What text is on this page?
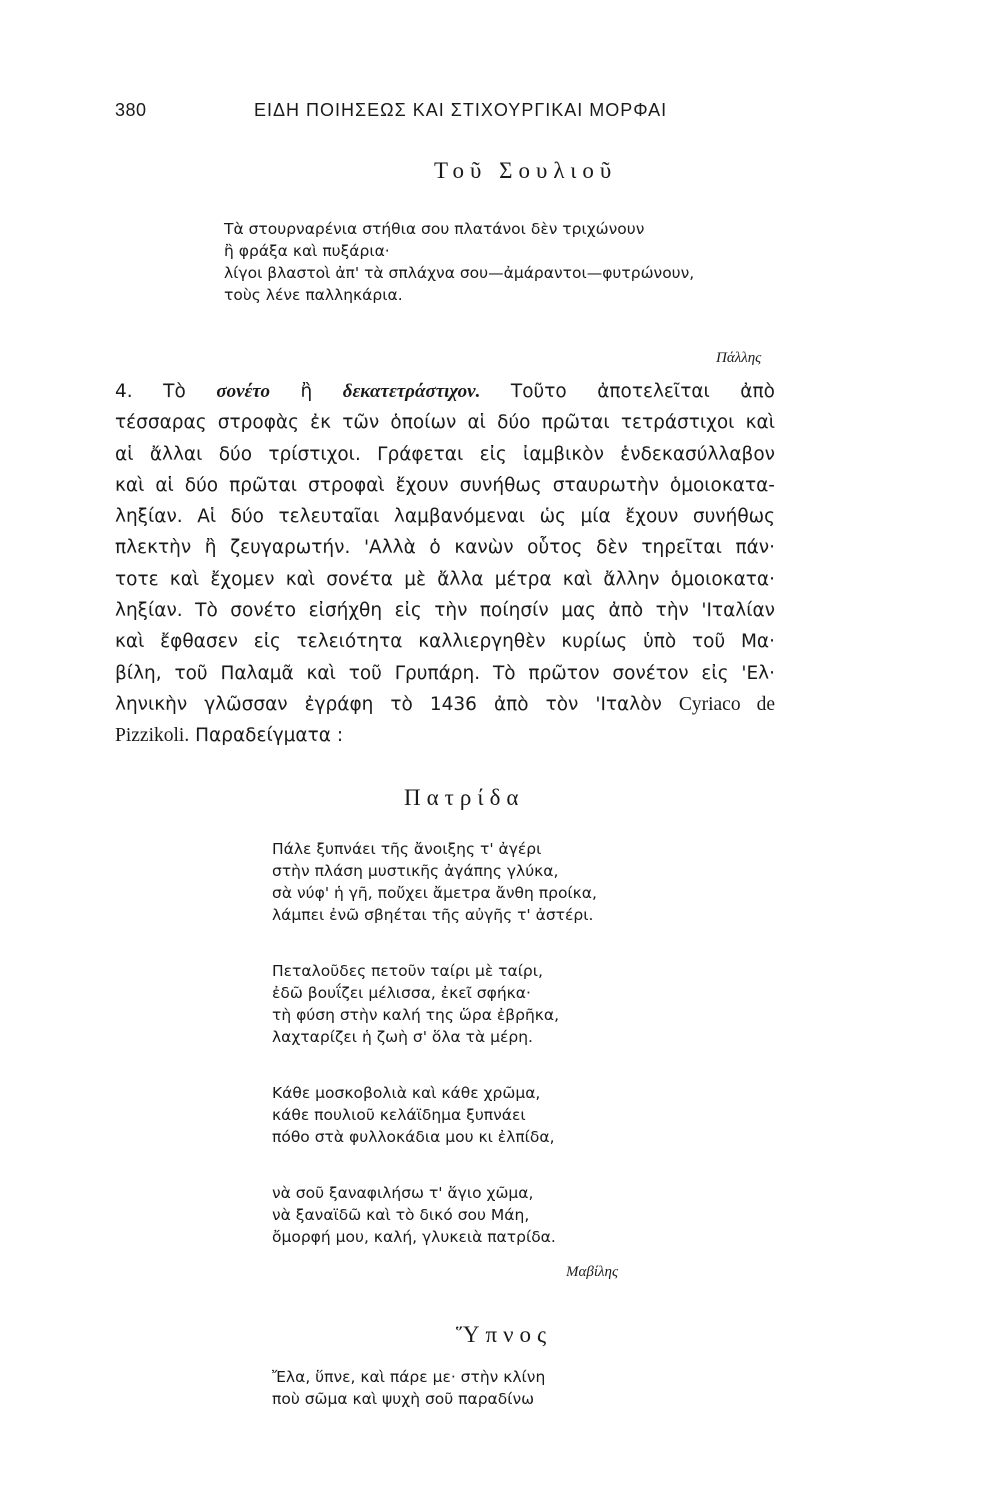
380	ΕΙΔΗ ΠΟΙΗΣΕΩΣ ΚΑΙ ΣΤΙΧΟΥΡΓΙΚΑΙ ΜΟΡΦΑΙ
Τοῦ Σουλιοῦ
Τὰ στουρναρένια στήθια σου πλατάνοι δὲν τριχώνουν
ἢ φράξα καὶ πυξάρια·
λίγοι βλαστοὶ ἀπ' τὰ σπλάχνα σου—ἀμάραντοι—φυτρώνουν,
τοὺς λένε παλληκάρια.
Πάλλης
4. Τὸ σονέτο ἢ δεκατετράστιχον. Τοῦτο ἀποτελεῖται ἀπὸ
τέσσαρας στροφὰς ἐκ τῶν ὁποίων αἱ δύο πρῶται τετράστιχοι καὶ
αἱ ἄλλαι δύο τρίστιχοι. Γράφεται εἰς ἰαμβικὸν ἑνδεκασύλλαβον
καὶ αἱ δύο πρῶται στροφαὶ ἔχουν συνήθως σταυρωτὴν ὁμοιοκατα-
ληξίαν. Αἱ δύο τελευταῖαι λαμβανόμεναι ὡς μία ἔχουν συνήθως
πλεκτὴν ἢ ζευγαρωτήν. 'Αλλὰ ὁ κανὼν οὗτος δὲν τηρεῖται πάν·
τοτε καὶ ἔχομεν καὶ σονέτα μὲ ἄλλα μέτρα καὶ ἄλλην ὁμοιοκατα·
ληξίαν. Τὸ σονέτο εἰσήχθη εἰς τὴν ποίησίν μας ἀπὸ τὴν 'Ιταλίαν
καὶ ἔφθασεν εἰς τελειότητα καλλιεργηθὲν κυρίως ὑπὸ τοῦ Μα·
βίλη, τοῦ Παλαμᾶ καὶ τοῦ Γρυπάρη. Τὸ πρῶτον σονέτον εἰς 'Ελ·
ληνικὴν γλῶσσαν ἐγράφη τὸ 1436 ἀπὸ τὸν 'Ιταλὸν Cyriaco de
Pizzikoli. Παραδείγματα :
Πατρίδα
Πάλε ξυπνάει τῆς ἄνοιξης τ' ἀγέρι
στὴν πλάση μυστικῆς ἀγάπης γλύκα,
σὰ νύφ' ἡ γῆ, ποὔχει ἄμετρα ἄνθη προίκα,
λάμπει ἐνῶ σβηέται τῆς αὐγῆς τ' ἀστέρι.
Πεταλοῦδες πετοῦν ταίρι μὲ ταίρι,
ἐδῶ βουΐζει μέλισσα, ἐκεῖ σφήκα·
τὴ φύση στὴν καλή της ὥρα ἐβρῆκα,
λαχταρίζει ἡ ζωὴ σ' ὅλα τὰ μέρη.
Κάθε μοσκοβολιὰ καὶ κάθε χρῶμα,
κάθε πουλιοῦ κελάϊδημα ξυπνάει
πόθο στὰ φυλλοκάδια μου κι ἐλπίδα,
νὰ σοῦ ξαναφιλήσω τ' ἅγιο χῶμα,
νὰ ξαναϊδῶ καὶ τὸ δικό σου Μάη,
ὄμορφή μου, καλή, γλυκειὰ πατρίδα.
Μαβίλης
Ὕπνος
Ἔλα, ὕπνε, καὶ πάρε με· στὴν κλίνη
ποὺ σῶμα καὶ ψυχὴ σοῦ παραδίνω
